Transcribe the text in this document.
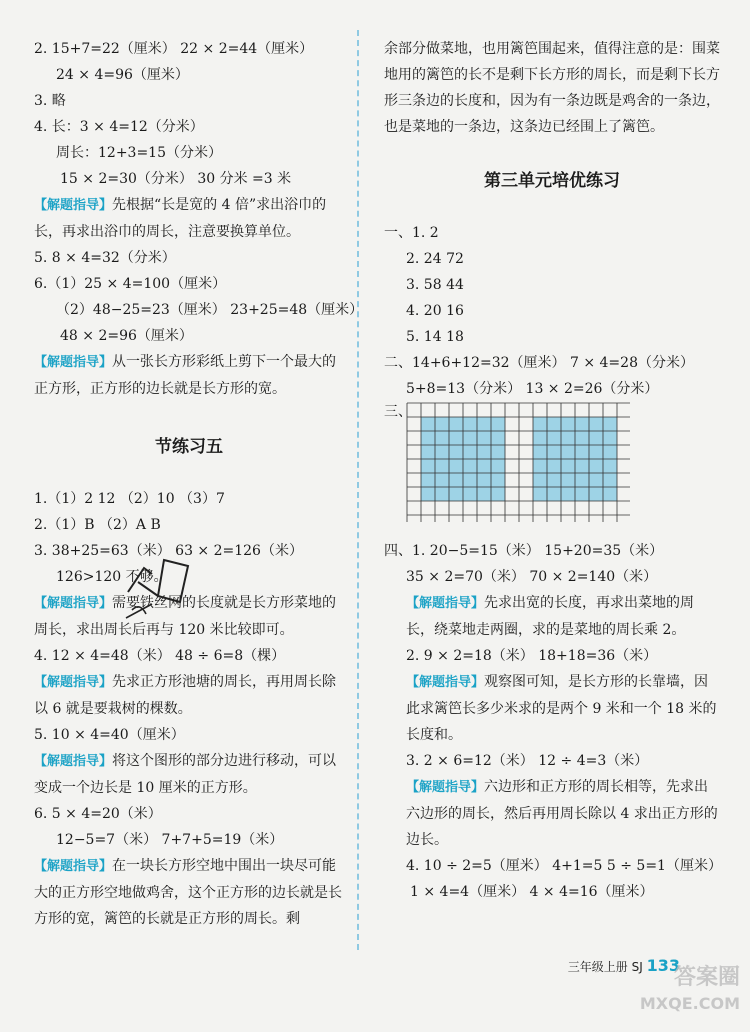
2. 15+7=22（厘米） 22 × 2=44（厘米）
24 × 4=96（厘米）
3. 略
4. 长：3 × 4=12（分米）
周长：12+3=15（分米）
15 × 2=30（分米） 30 分米 =3 米
【解题指导】先根据“长是宽的 4 倍”求出浴巾的长，再求出浴巾的周长，注意要换算单位。
5. 8 × 4=32（分米）
6.（1）25 × 4=100（厘米）
（2）48−25=23（厘米） 23+25=48（厘米）
48 × 2=96（厘米）
【解题指导】从一张长方形彩纸上剪下一个最大的正方形，正方形的边长就是长方形的宽。
节练习五
1.（1）2 12 （2）10 （3）7
2.（1）B （2）A B
3. 38+25=63（米） 63 × 2=126（米）
126>120 不够。
【解题指导】需要铁丝网的长度就是长方形菜地的周长，求出周长后再与 120 米比较即可。
4. 12 × 4=48（米） 48 ÷ 6=8（棵）
【解题指导】先求正方形池塘的周长，再用周长除以 6 就是要栽树的棵数。
5. 10 × 4=40（厘米）
【解题指导】将这个图形的部分边进行移动，可以变成一个边长是 10 厘米的正方形。
6. 5 × 4=20（米）
12−5=7（米） 7+7+5=19（米）
【解题指导】在一块长方形空地中围出一块尽可能大的正方形空地做鸡舍，这个正方形的边长就是长方形的宽，篱笆的长就是正方形的周长。剩
余部分做菜地，也用篱笆围起来，值得注意的是：围菜地用的篱笆的长不是剩下长方形的周长，而是剩下长方形三条边的长度和，因为有一条边既是鸡舍的一条边，也是菜地的一条边，这条边已经围上了篱笆。
第三单元培优练习
一、1. 2
2. 24 72
3. 58 44
4. 20 16
5. 14 18
二、14+6+12=32（厘米） 7 × 4=28（分米）
5+8=13（分米） 13 × 2=26（分米）
三、
四、1. 20−5=15（米） 15+20=35（米）
35 × 2=70（米） 70 × 2=140（米）
【解题指导】先求出宽的长度，再求出菜地的周长，绕菜地走两圈，求的是菜地的周长乘 2。
2. 9 × 2=18（米） 18+18=36（米）
【解题指导】观察图可知，是长方形的长靠墙，因此求篱笆长多少米求的是两个 9 米和一个 18 米的长度和。
3. 2 × 6=12（米） 12 ÷ 4=3（米）
【解题指导】六边形和正方形的周长相等，先求出六边形的周长，然后再用周长除以 4 求出正方形的边长。
4. 10 ÷ 2=5（厘米） 4+1=5 5 ÷ 5=1（厘米）
1 × 4=4（厘米） 4 × 4=16（厘米）
三年级上册 SJ 133
答案圈
MXQE.COM
